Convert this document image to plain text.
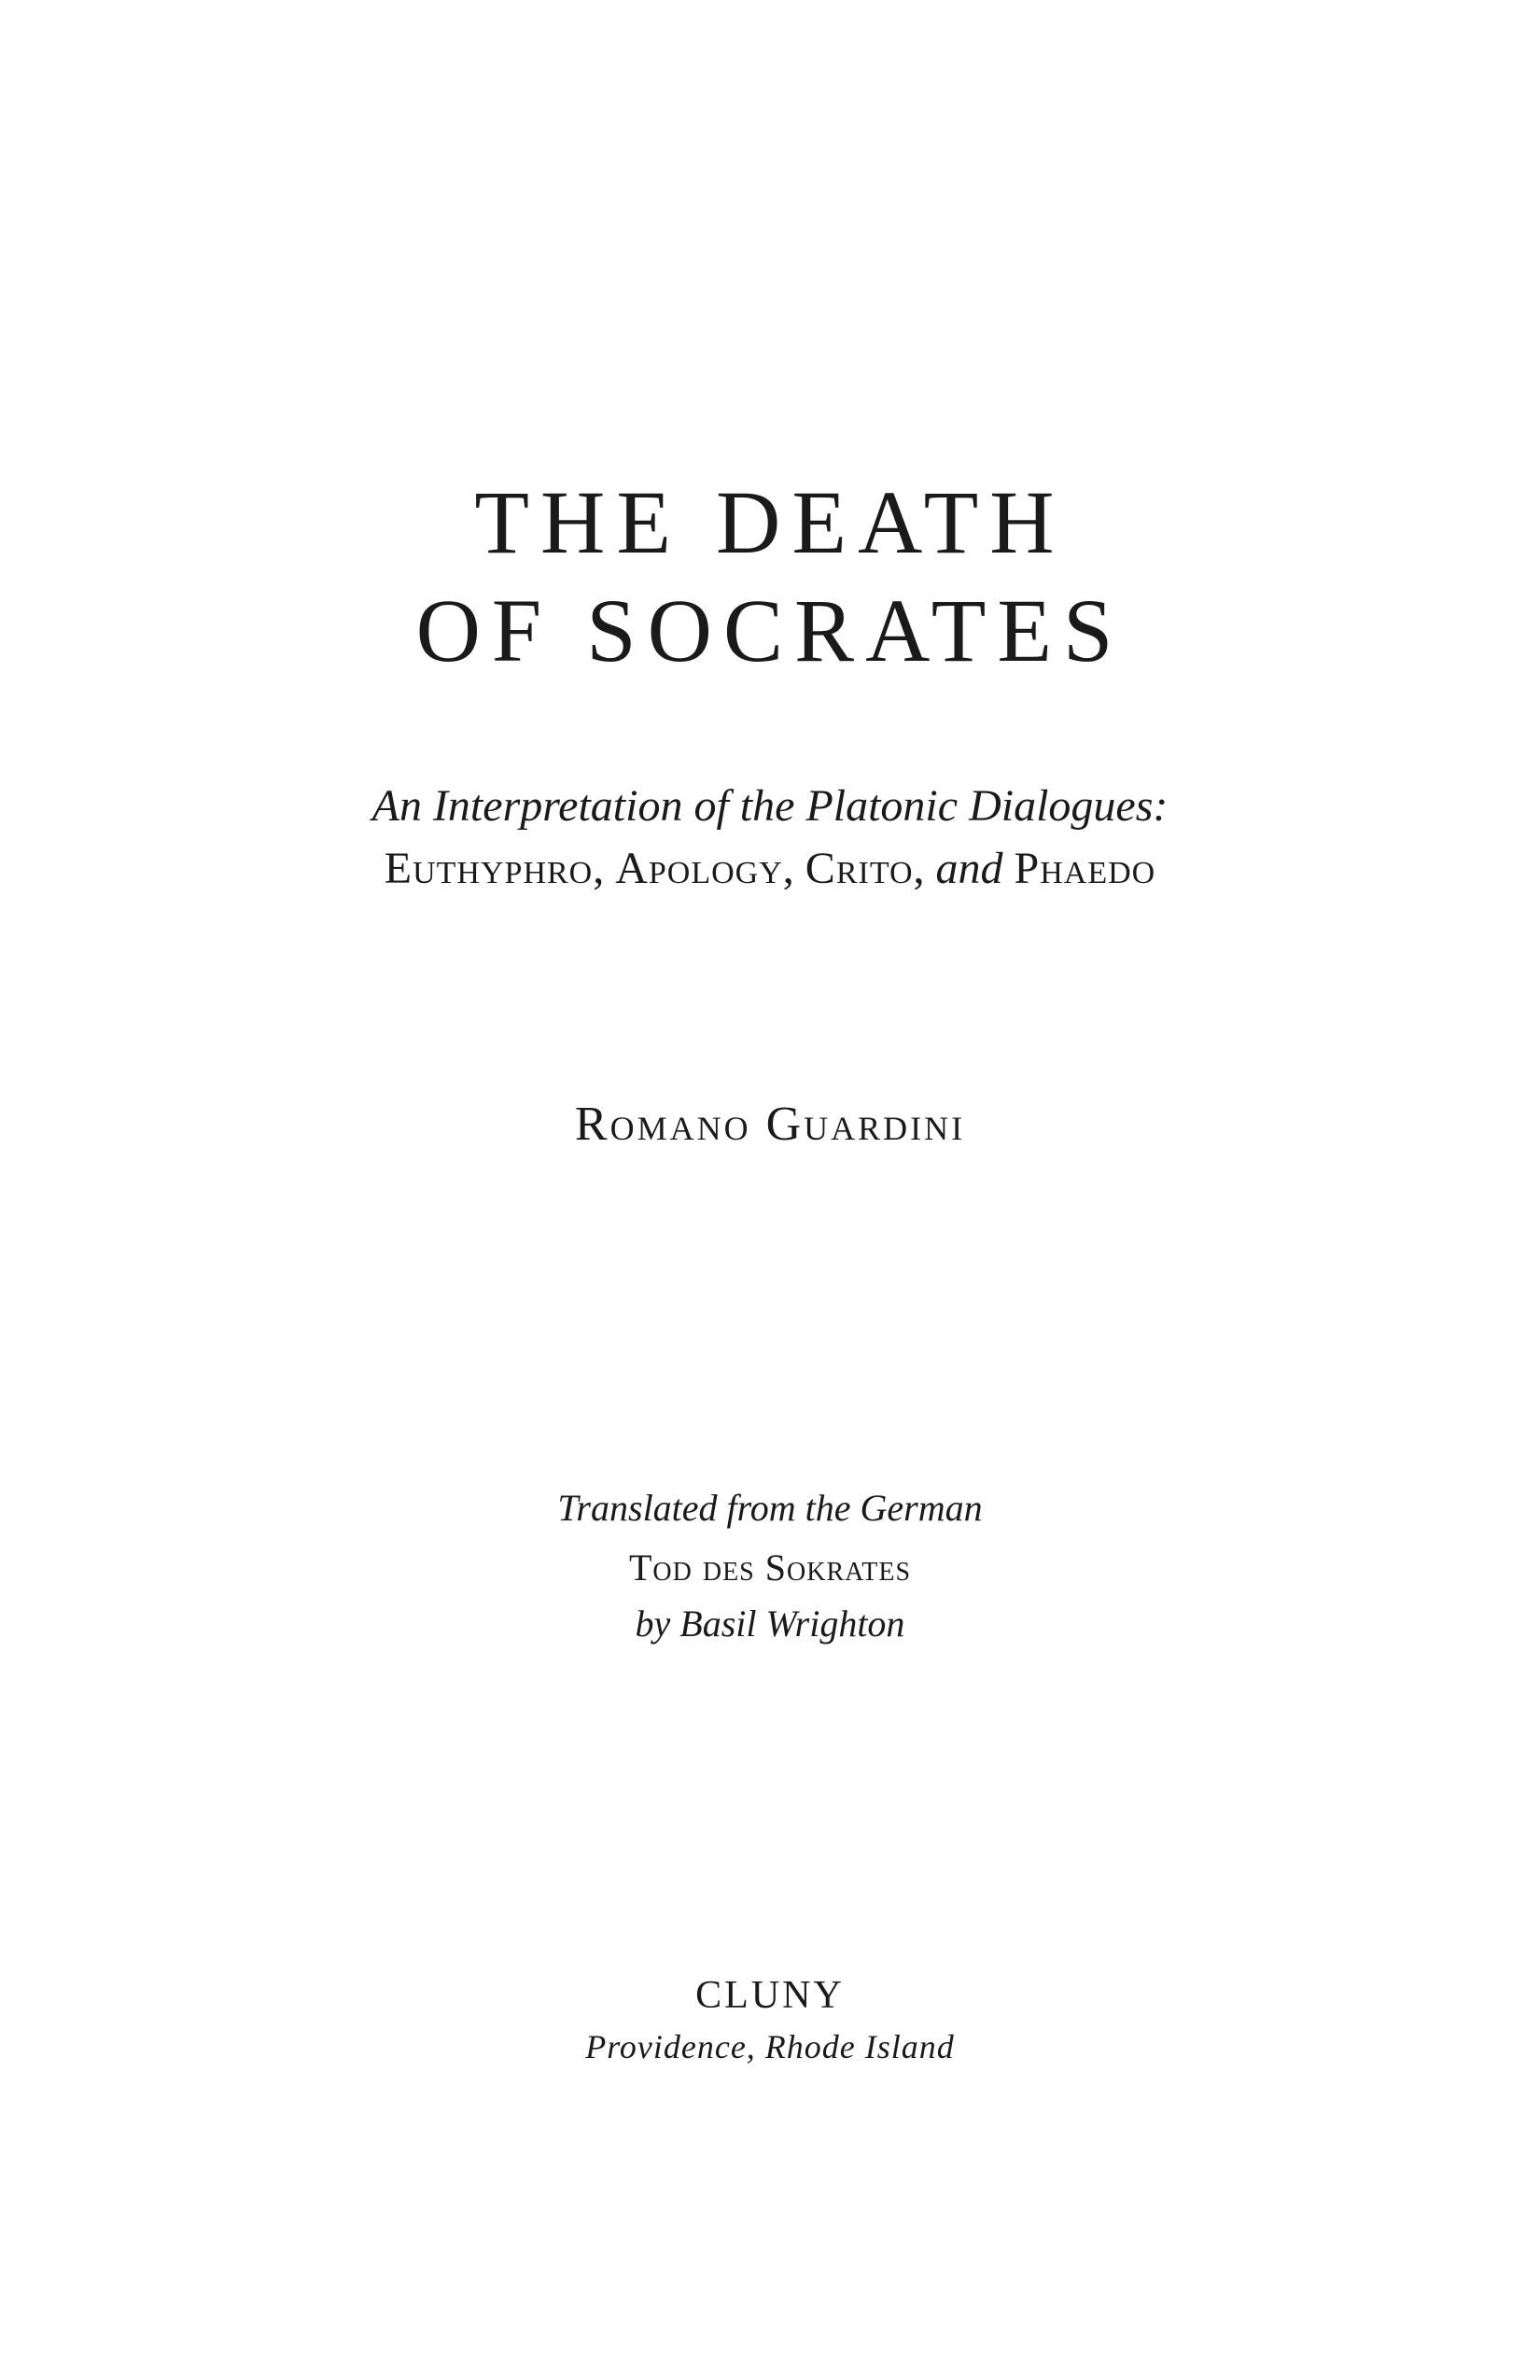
THE DEATH
OF SOCRATES
An Interpretation of the Platonic Dialogues:
Euthyphro, Apology, Crito, and Phaedo
Romano Guardini
Translated from the German
Tod des Sokrates
by Basil Wrighton
CLUNY
Providence, Rhode Island
